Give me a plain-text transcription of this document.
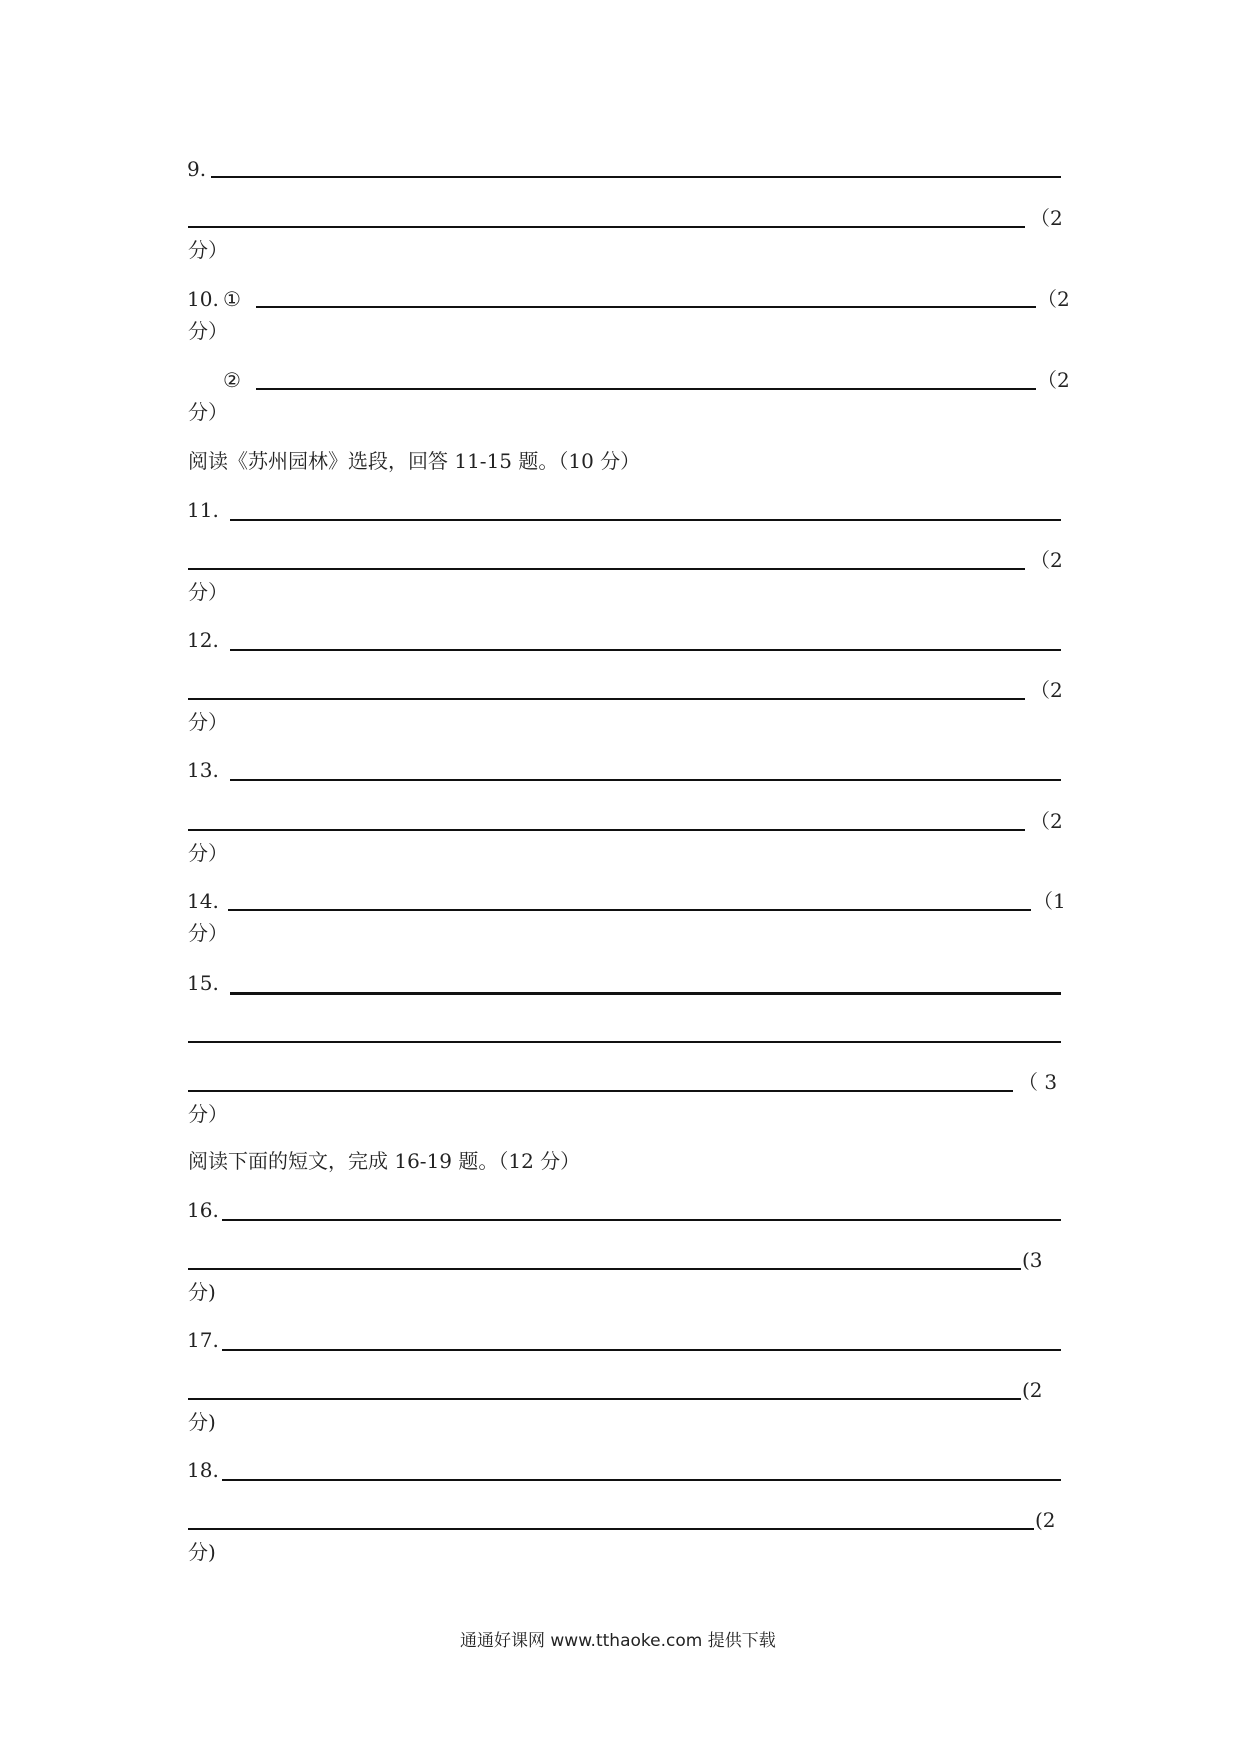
9.
（2
分）
10. ①	（2
分）
②	（2
分）
阅读《苏州园林》选段，回答 11-15 题。（10 分）
11.
（2
分）
12.
（2
分）
13.
（2
分）
14.	（1
分）
15.
（ 3
分）
阅读下面的短文，完成 16-19 题。（12 分）
16.
(3
分)
17.
(2
分)
18.
(2
分)
通通好课网 www.tthaoke.com 提供下载
